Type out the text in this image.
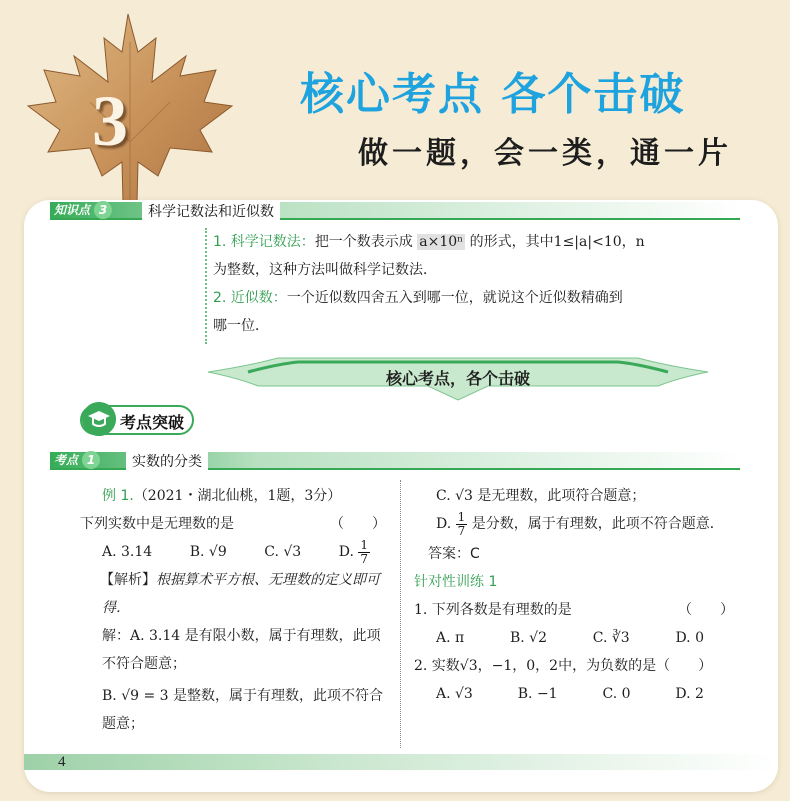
3	核心考点 各个击破
做一题，会一类，通一片
知识点 3	科学记数法和近似数
1. 科学记数法：把一个数表示成 a×10ⁿ 的形式，其中1≤|a|<10，n
为整数，这种方法叫做科学记数法．
2. 近似数：一个近似数四舍五入到哪一位，就说这个近似数精确到
哪一位．
核心考点，各个击破
考点突破
考点 1	实数的分类
例 1.（2021・湖北仙桃，1题，3分）
下列实数中是无理数的是	（　　）
A. 3.14	B. √9	C. √3	D. $\frac{1}{7}$
【解析】根据算术平方根、无理数的定义即可得．
解：A. 3.14 是有限小数，属于有理数，此项不符合题意；
B. √9 = 3 是整数，属于有理数，此项不符合题意；
C. √3 是无理数，此项符合题意；
D. $\frac{1}{7}$ 是分数，属于有理数，此项不符合题意．
答案：C
针对性训练 1
1. 下列各数是有理数的是	（　　）
A. π	B. √2	C. ∛3	D. 0
2. 实数√3，−1，0，2中，为负数的是（　　）
A. √3	B. −1	C. 0	D. 2
4
